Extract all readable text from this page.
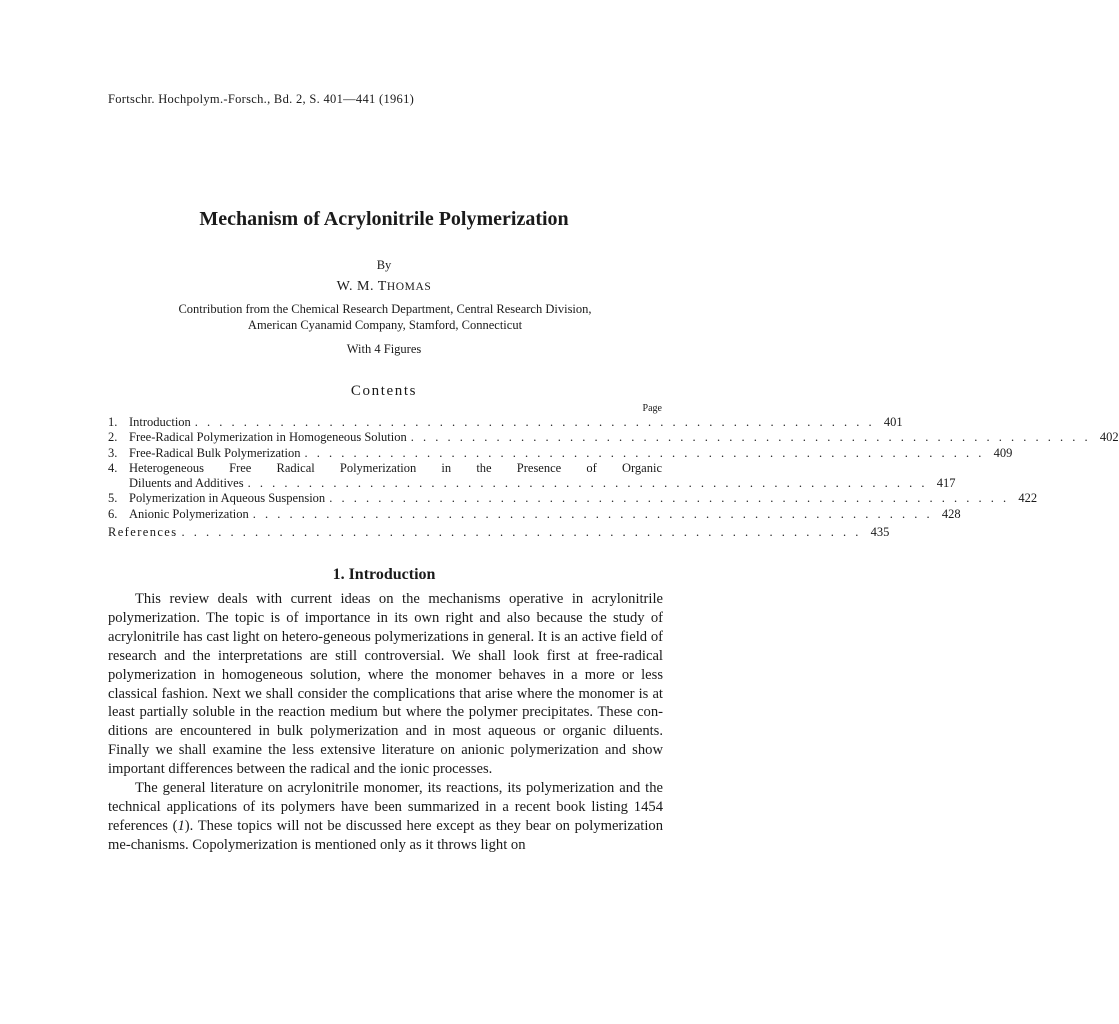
Fortschr. Hochpolym.-Forsch., Bd. 2, S. 401—441 (1961)
Mechanism of Acrylonitrile Polymerization
By
W. M. THOMAS
Contribution from the Chemical Research Department, Central Research Division,
American Cyanamid Company, Stamford, Connecticut
With 4 Figures
Contents
Page
1. Introduction . . . . . . . . . . . . . . . . . . . . . . . . . . . . . . . . . . . . . . . . . . . . . . . . . . . . . . . . 401
2. Free-Radical Polymerization in Homogeneous Solution . . . . . . . . . . . . . . . . . . . . . . . . . . . . . . . . . . . . . . . . . . . . . . . . . . . . . . . . 402
3. Free-Radical Bulk Polymerization . . . . . . . . . . . . . . . . . . . . . . . . . . . . . . . . . . . . . . . . . . . . . . . . . . . . . . . . 409
4. Heterogeneous Free Radical Polymerization in the Presence of Organic
Diluents and Additives . . . . . . . . . . . . . . . . . . . . . . . . . . . . . . . . . . . . . . . . . . . . . . . . . . . . . . . . 417
5. Polymerization in Aqueous Suspension . . . . . . . . . . . . . . . . . . . . . . . . . . . . . . . . . . . . . . . . . . . . . . . . . . . . . . . . 422
6. Anionic Polymerization . . . . . . . . . . . . . . . . . . . . . . . . . . . . . . . . . . . . . . . . . . . . . . . . . . . . . . . . 428
References . . . . . . . . . . . . . . . . . . . . . . . . . . . . . . . . . . . . . . . . . . . . . . . . . . . . . . . . 435
1. Introduction

This review deals with current ideas on the mechanisms operative in acrylonitrile polymerization. The topic is of importance in its own right and also because the study of acrylonitrile has cast light on hetero-geneous polymerizations in general. It is an active field of research and the interpretations are still controversial. We shall look first at free-radical polymerization in homogeneous solution, where the monomer behaves in a more or less classical fashion. Next we shall consider the complications that arise where the monomer is at least partially soluble in the reaction medium but where the polymer precipitates. These con-ditions are encountered in bulk polymerization and in most aqueous or organic diluents. Finally we shall examine the less extensive literature on anionic polymerization and show important differences between the radical and the ionic processes.

The general literature on acrylonitrile monomer, its reactions, its polymerization and the technical applications of its polymers have been summarized in a recent book listing 1454 references (1). These topics will not be discussed here except as they bear on polymerization me-chanisms. Copolymerization is mentioned only as it throws light on
